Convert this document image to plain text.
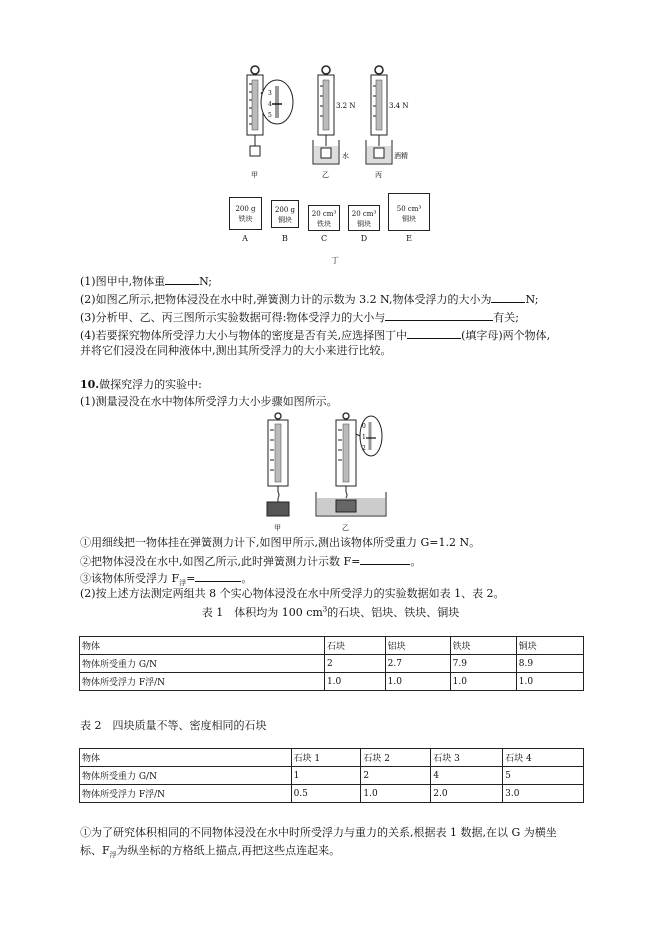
3
4
5
甲
3.2 N
水
乙
3.4 N
酒精
丙
200 g
铁块
A
200 g
铜块
B
20 cm³
铁块
C
20 cm³
铜块
D
50 cm³
铜块
E
丁
(1)图甲中,物体重	N;
(2)如图乙所示,把物体浸没在水中时,弹簧测力计的示数为 3.2 N,物体受浮力的大小为	N;
(3)分析甲、乙、丙三图所示实验数据可得:物体受浮力的大小与	有关;
(4)若要探究物体所受浮力大小与物体的密度是否有关,应选择图丁中	(填字母)两个物体,
并将它们浸没在同种液体中,测出其所受浮力的大小来进行比较。
10.做探究浮力的实验中:
(1)测量浸没在水中物体所受浮力大小步骤如图所示。
甲
0
1
2
乙
①用细线把一物体挂在弹簧测力计下,如图甲所示,测出该物体所受重力 G=1.2 N。
②把物体浸没在水中,如图乙所示,此时弹簧测力计示数 F=	。
③该物体所受浮力 $F_浮=$	。
(2)按上述方法测定两组共 8 个实心物体浸没在水中所受浮力的实验数据如表 1、表 2。
表 1　体积均为 100 $cm^3$的石块、铝块、铁块、铜块
物体	石块	铝块	铁块	铜块
物体所受重力 G/N	2	2.7	7.9	8.9
物体所受浮力 F浮/N	1.0	1.0	1.0	1.0
表 2　四块质量不等、密度相同的石块
物体	石块 1	石块 2	石块 3	石块 4
物体所受重力 G/N	1	2	4	5
物体所受浮力 F浮/N	0.5	1.0	2.0	3.0
①为了研究体积相同的不同物体浸没在水中时所受浮力与重力的关系,根据表 1 数据,在以 G 为横坐
标、$F_浮$为纵坐标的方格纸上描点,再把这些点连起来。
